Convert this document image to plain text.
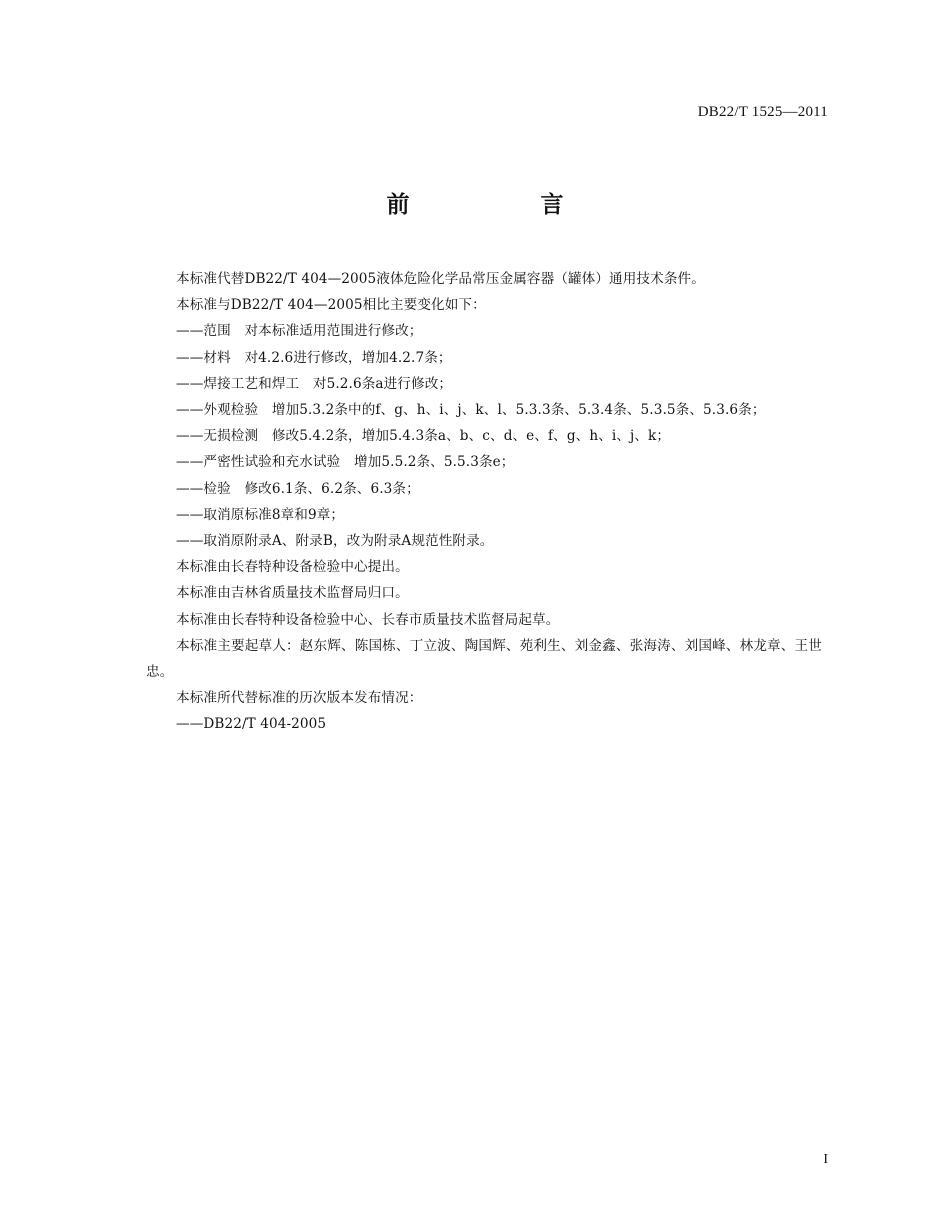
DB22/T 1525—2011
前　言

本标准代替DB22/T 404—2005液体危险化学品常压金属容器（罐体）通用技术条件。

本标准与DB22/T 404—2005相比主要变化如下：

——范围　对本标准适用范围进行修改；

——材料　对4.2.6进行修改，增加4.2.7条；

——焊接工艺和焊工　对5.2.6条a进行修改；

——外观检验　增加5.3.2条中的f、g、h、i、j、k、l、5.3.3条、5.3.4条、5.3.5条、5.3.6条；

——无损检测　修改5.4.2条，增加5.4.3条a、b、c、d、e、f、g、h、i、j、k；

——严密性试验和充水试验　增加5.5.2条、5.5.3条e；

——检验　修改6.1条、6.2条、6.3条；

——取消原标准8章和9章；

——取消原附录A、附录B，改为附录A规范性附录。

本标准由长春特种设备检验中心提出。

本标准由吉林省质量技术监督局归口。

本标准由长春特种设备检验中心、长春市质量技术监督局起草。

本标准主要起草人：赵东辉、陈国栋、丁立波、陶国辉、苑利生、刘金鑫、张海涛、刘国峰、林龙章、王世忠。

本标准所代替标准的历次版本发布情况：

——DB22/T 404-2005

I
